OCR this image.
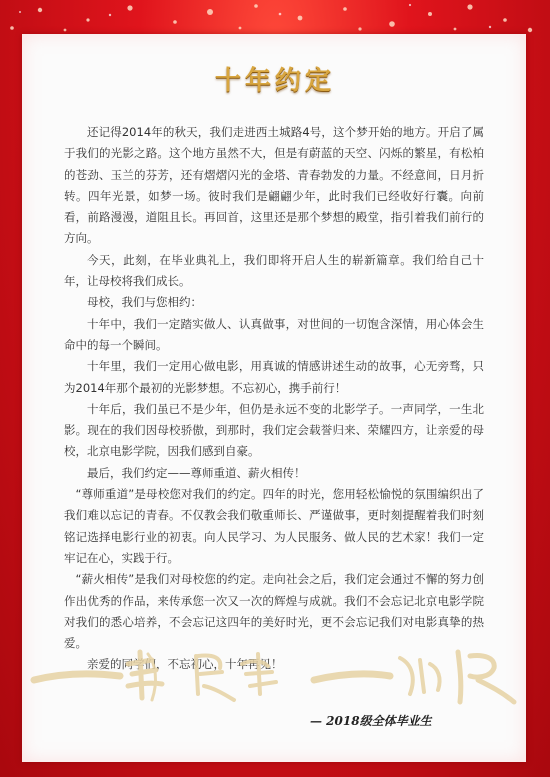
十年约定

还记得2014年的秋天，我们走进西土城路4号，这个梦开始的地方。开启了属于我们的光影之路。这个地方虽然不大，但是有蔚蓝的天空、闪烁的繁星，有松柏的苍劲、玉兰的芬芳，还有熠熠闪光的金塔、青春勃发的力量。不经意间，日月折转。四年光景，如梦一场。彼时我们是翩翩少年，此时我们已经收好行囊。向前看，前路漫漫，道阻且长。再回首，这里还是那个梦想的殿堂，指引着我们前行的方向。

今天，此刻，在毕业典礼上，我们即将开启人生的崭新篇章。我们给自己十年，让母校将我们成长。

母校，我们与您相约：

十年中，我们一定踏实做人、认真做事，对世间的一切饱含深情，用心体会生命中的每一个瞬间。

十年里，我们一定用心做电影，用真诚的情感讲述生动的故事，心无旁骛，只为2014年那个最初的光影梦想。不忘初心，携手前行！

十年后，我们虽已不是少年，但仍是永远不变的北影学子。一声同学，一生北影。现在的我们因母校骄傲，到那时，我们定会载誉归来、荣耀四方，让亲爱的母校，北京电影学院，因我们感到自豪。

最后，我们约定——尊师重道、薪火相传！

“尊师重道”是母校您对我们的约定。四年的时光，您用轻松愉悦的氛围编织出了我们难以忘记的青春。不仅教会我们敬重师长、严谨做事，更时刻提醒着我们时刻铭记选择电影行业的初衷。向人民学习、为人民服务、做人民的艺术家！我们一定牢记在心，实践于行。

“薪火相传”是我们对母校您的约定。走向社会之后，我们定会通过不懈的努力创作出优秀的作品，来传承您一次又一次的辉煌与成就。我们不会忘记北京电影学院对我们的悉心培养，不会忘记这四年的美好时光，更不会忘记我们对电影真挚的热爱。

亲爱的同学们，不忘初心，十年再见！

— 2018级全体毕业生
